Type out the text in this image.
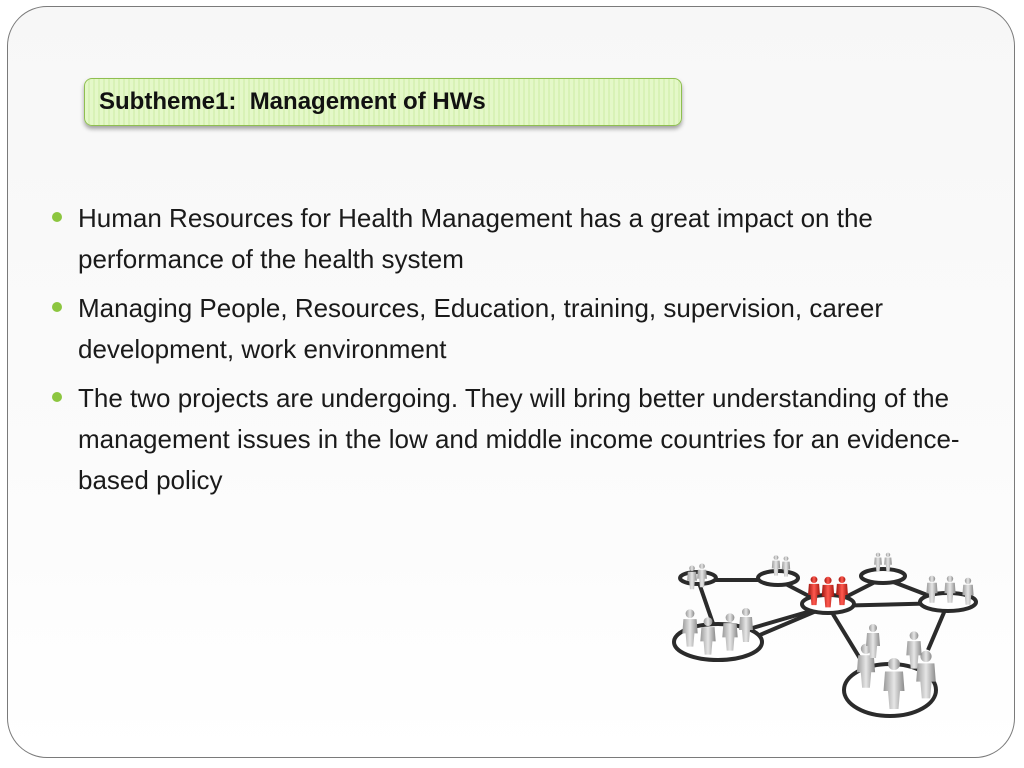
Subtheme1:  Management of HWs
Human Resources for Health Management has a great impact on the performance of the health system
Managing People, Resources, Education, training, supervision, career development, work environment
The two projects are undergoing. They will bring better understanding of the management issues in the low and middle income countries for an evidence- based policy
